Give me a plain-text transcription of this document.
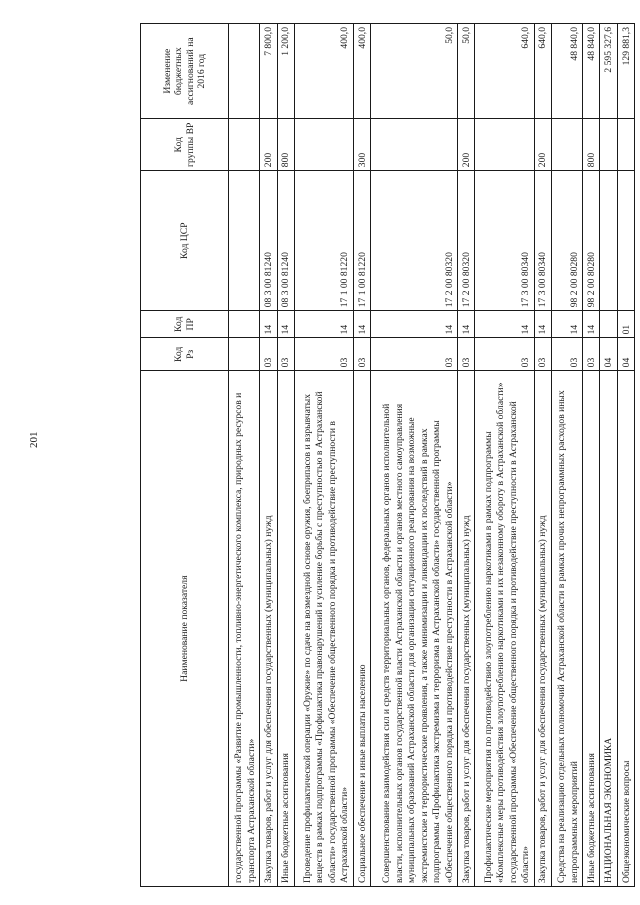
201
Наименование показателя	Код Рз	Код ПР	Код ЦСР	Код группы ВР	Изменение бюджетных ассигнований на 2016 год
государственной программы «Развитие промышленности, топливно-энергетического комплекса, природных ресурсов и транспорта Астраханской области»					
Закупка товаров, работ и услуг для обеспечения государственных (муниципальных) нужд	03	14	08 3 00 81240	200	7 800,0
Иные бюджетные ассигнования	03	14	08 3 00 81240	800	1 200,0
Проведение профилактической операции «Оружие» по сдаче на возмездной основе оружия, боеприпасов и взрывчатых веществ в рамках подпрограммы «Профилактика правонарушений и усиление борьбы с преступностью в Астраханской области» государственной программы «Обеспечение общественного порядка и противодействие преступности в Астраханской области»	03	14	17 1 00 81220		400,0
Социальное обеспечение и иные выплаты населению	03	14	17 1 00 81220	300	400,0
Совершенствование взаимодействия сил и средств территориальных органов, федеральных органов исполнительной власти, исполнительных органов государственной власти Астраханской области и органов местного самоуправления муниципальных образований Астраханской области для организации ситуационного реагирования на возможные экстремистские и террористические проявления, а также минимизации и ликвидации их последствий в рамках подпрограммы «Профилактика экстремизма и терроризма в Астраханской области» государственной программы «Обеспечение общественного порядка и противодействие преступности в Астраханской области»	03	14	17 2 00 80320		50,0
Закупка товаров, работ и услуг для обеспечения государственных (муниципальных) нужд	03	14	17 2 00 80320	200	50,0
Профилактические мероприятия по противодействию злоупотреблению наркотиками в рамках подпрограммы «Комплексные меры противодействия злоупотреблению наркотиками и их незаконному обороту в Астраханской области» государственной программы «Обеспечение общественного порядка и противодействие преступности в Астраханской области»	03	14	17 3 00 80340		640,0
Закупка товаров, работ и услуг для обеспечения государственных (муниципальных) нужд	03	14	17 3 00 80340	200	640,0
Средства на реализацию отдельных полномочий Астраханской области в рамках прочих непрограммных расходов иных непрограммных мероприятий	03	14	98 2 00 80280		48 840,0
Иные бюджетные ассигнования	03	14	98 2 00 80280	800	48 840,0
НАЦИОНАЛЬНАЯ ЭКОНОМИКА	04				2 595 327,6
Общеэкономические вопросы	04	01			129 881,3
